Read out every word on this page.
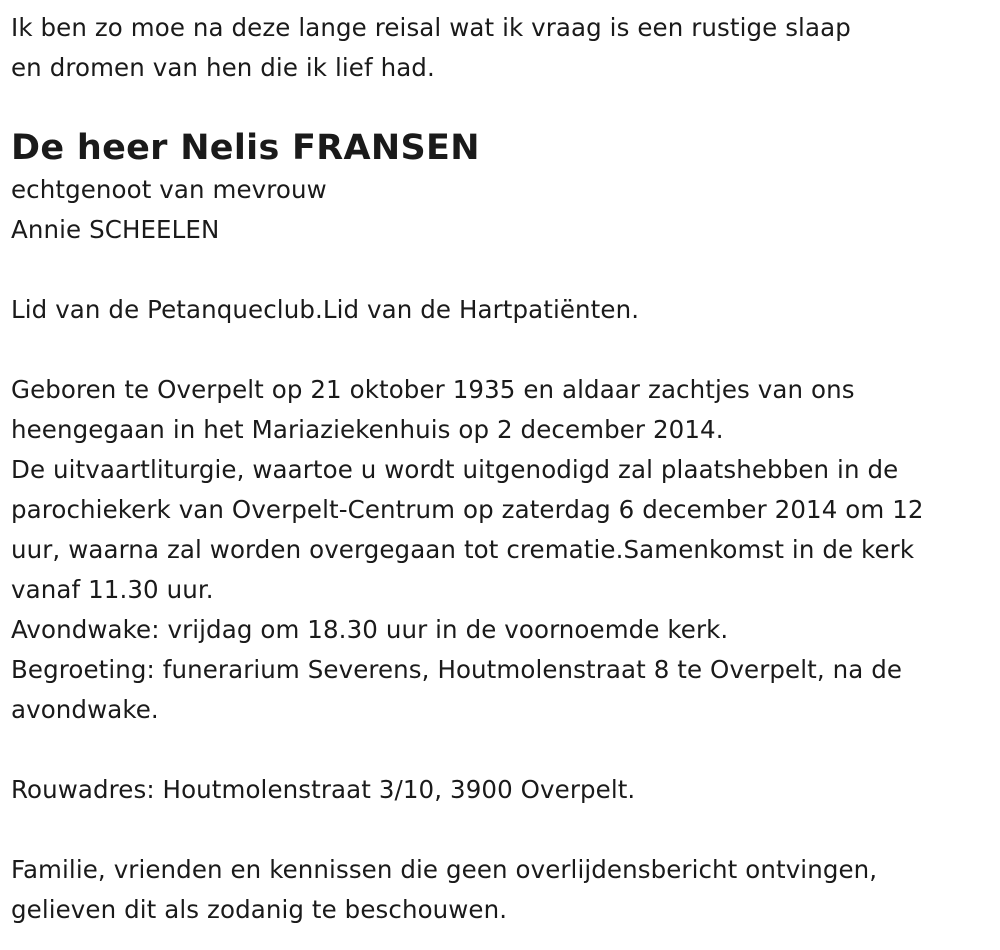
Ik ben zo moe na deze lange reisal wat ik vraag is een rustige slaap
en dromen van hen die ik lief had.
De heer Nelis FRANSEN
echtgenoot van mevrouw
Annie SCHEELEN
Lid van de Petanqueclub.Lid van de Hartpatiënten.
Geboren te Overpelt op 21 oktober 1935 en aldaar zachtjes van ons
heengegaan in het Mariaziekenhuis op 2 december 2014.
De uitvaartliturgie, waartoe u wordt uitgenodigd zal plaatshebben in de
parochiekerk van Overpelt-Centrum op zaterdag 6 december 2014 om 12
uur, waarna zal worden overgegaan tot crematie.Samenkomst in de kerk
vanaf 11.30 uur.
Avondwake: vrijdag om 18.30 uur in de voornoemde kerk.
Begroeting: funerarium Severens, Houtmolenstraat 8 te Overpelt, na de
avondwake.
Rouwadres: Houtmolenstraat 3/10, 3900 Overpelt.
Familie, vrienden en kennissen die geen overlijdensbericht ontvingen,
gelieven dit als zodanig te beschouwen.
